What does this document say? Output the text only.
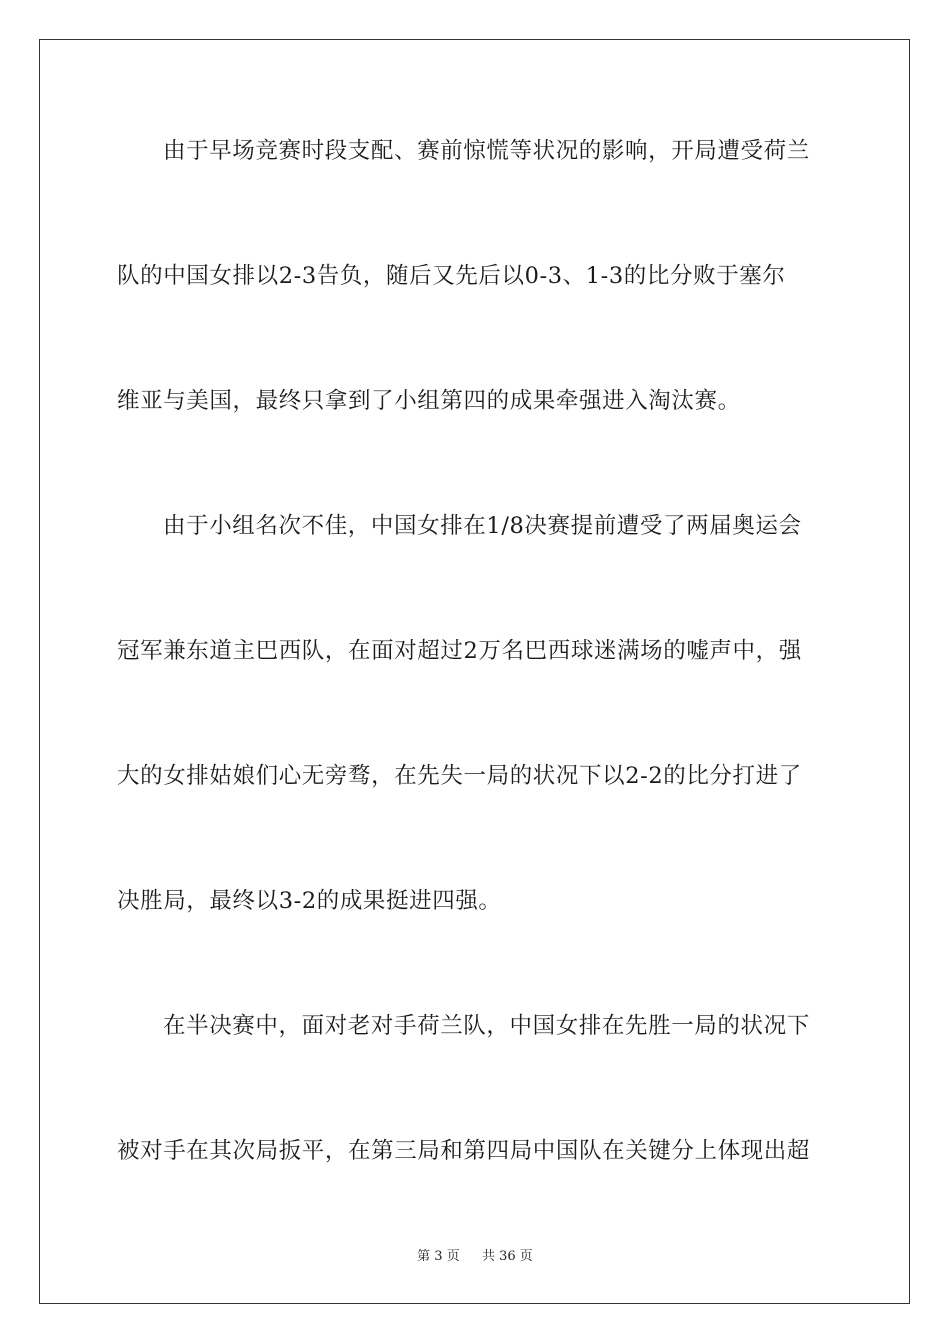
由于早场竞赛时段支配、赛前惊慌等状况的影响，开局遭受荷兰
队的中国女排以2-3告负，随后又先后以0-3、1-3的比分败于塞尔
维亚与美国，最终只拿到了小组第四的成果牵强进入淘汰赛。
由于小组名次不佳，中国女排在1/8决赛提前遭受了两届奥运会
冠军兼东道主巴西队，在面对超过2万名巴西球迷满场的嘘声中，强
大的女排姑娘们心无旁骛，在先失一局的状况下以2-2的比分打进了
决胜局，最终以3-2的成果挺进四强。
在半决赛中，面对老对手荷兰队，中国女排在先胜一局的状况下
被对手在其次局扳平，在第三局和第四局中国队在关键分上体现出超
第 3 页 共 36 页
